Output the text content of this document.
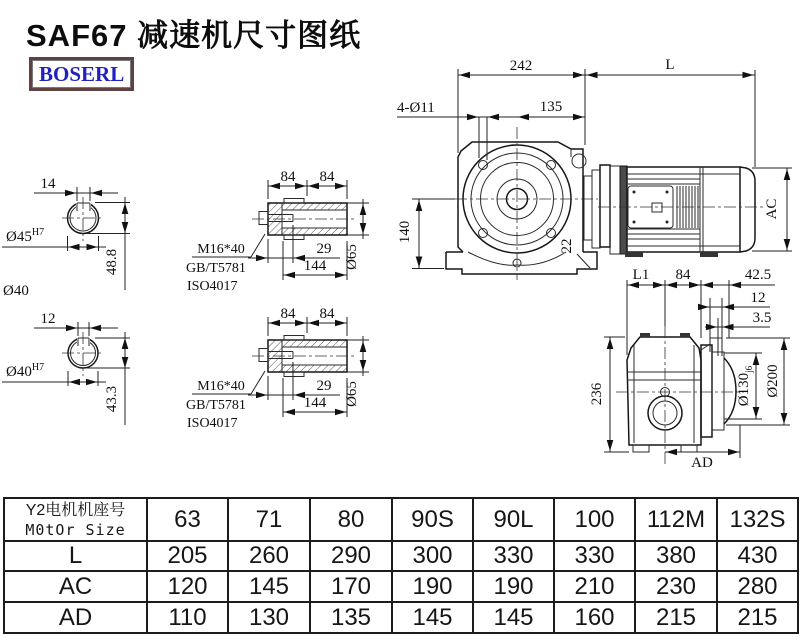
SAF67 减速机尺寸图纸
BOSERL
14
$Ø45^{H7}$
48.8
Ø40
12
$Ø40^{H7}$
43.3
84 84
29
144 Ø65
M16*40
GB/T5781
ISO4017
84 84
29
144 Ø65
M16*40
GB/T5781
ISO4017
242	L
4-Ø11	135
140
22
AC
L1 84	42.5
12
3.5
236	$Ø130_{j6}$ Ø200
AD
Y2电机机座号
M0tOr Size	63	71	80	90S	90L	100	112M	132S
L	205	260	290	300	330	330	380	430
AC	120	145	170	190	190	210	230	280
AD	110	130	135	145	145	160	215	215
